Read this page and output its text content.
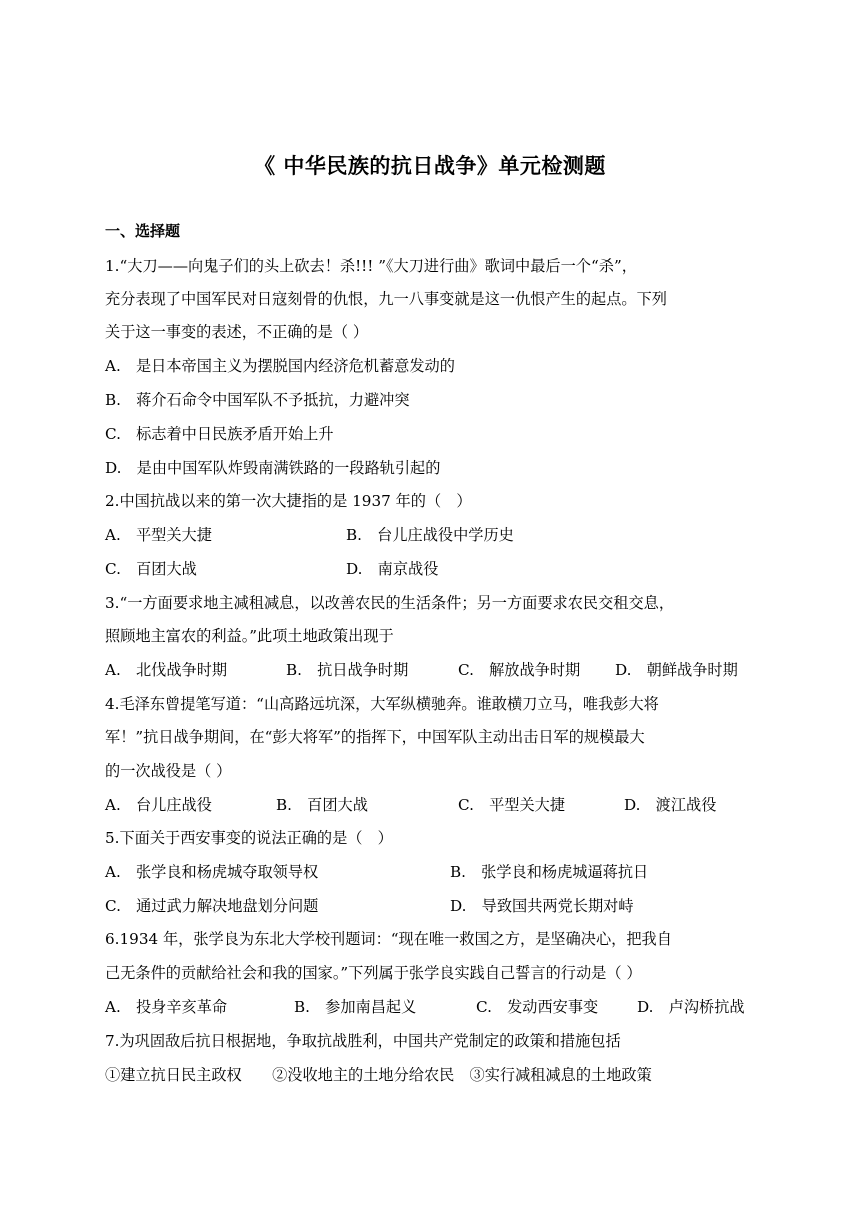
《 中华民族的抗日战争》单元检测题
一、选择题
1.“大刀——向鬼子们的头上砍去！杀!!! ”《大刀进行曲》歌词中最后一个“杀”，
充分表现了中国军民对日寇刻骨的仇恨，九一八事变就是这一仇恨产生的起点。下列
关于这一事变的表述，不正确的是（ ）
A.　是日本帝国主义为摆脱国内经济危机蓄意发动的
B.　蒋介石命令中国军队不予抵抗，力避冲突
C.　标志着中日民族矛盾开始上升
D.　是由中国军队炸毁南满铁路的一段路轨引起的
2.中国抗战以来的第一次大捷指的是 1937 年的（　）
A.　平型关大捷	B.　台儿庄战役中学历史
C.　百团大战	D.　南京战役
3.“一方面要求地主减租减息，以改善农民的生活条件；另一方面要求农民交租交息，
照顾地主富农的利益。”此项土地政策出现于
A.　北伐战争时期	B.　抗日战争时期	C.　解放战争时期 D.　朝鲜战争时期
4.毛泽东曾提笔写道：“山高路远坑深，大军纵横驰奔。谁敢横刀立马，唯我彭大将
军！”抗日战争期间，在“彭大将军”的指挥下，中国军队主动出击日军的规模最大
的一次战役是（ ）
A.　台儿庄战役	B.　百团大战	C.　平型关大捷	D.　渡江战役
5.下面关于西安事变的说法正确的是（　）
A.　张学良和杨虎城夺取领导权	B.　张学良和杨虎城逼蒋抗日
C.　通过武力解决地盘划分问题	D.　导致国共两党长期对峙
6.1934 年，张学良为东北大学校刊题词：“现在唯一救国之方，是坚确决心，把我自
己无条件的贡献给社会和我的国家。”下列属于张学良实践自己誓言的行动是（ ）
A.　投身辛亥革命	B.　参加南昌起义	C.　发动西安事变	D.　卢沟桥抗战
7.为巩固敌后抗日根据地，争取抗战胜利，中国共产党制定的政策和措施包括
①建立抗日民主政权　　②没收地主的土地分给农民　③实行减租减息的土地政策
